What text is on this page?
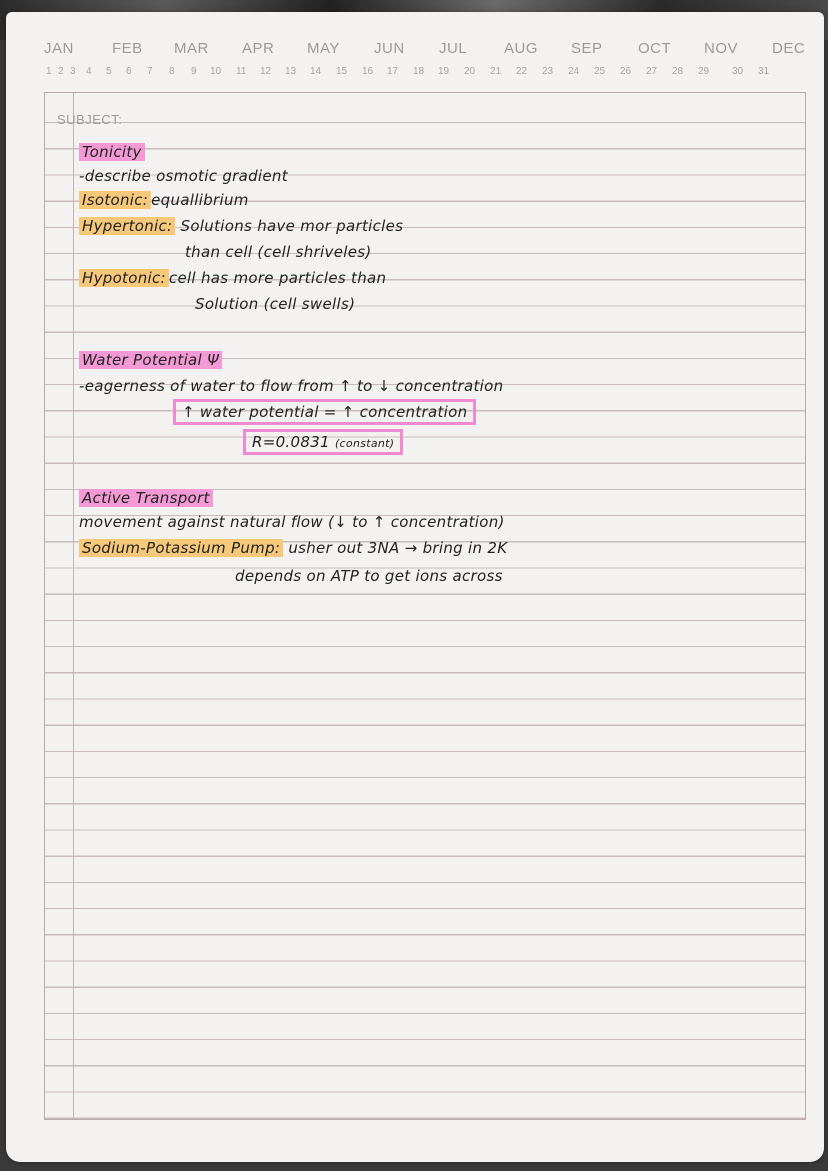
JAN	FEB MAR APR MAY JUN JUL AUG SEP OCT NOV DEC
1 2 3 4 5 6 7 8 9 10 11 12 13 14 15 16 17 18 19 20 21 22 23 24 25 26 27 28 29 30 31
SUBJECT:
Tonicity
-describe osmotic gradient
Isotonic: equallibrium
Hypertonic: Solutions have mor particles
than cell (cell shriveles)
Hypotonic: cell has more particles than
Solution (cell swells)
Water Potential Ψ
-eagerness of water to flow from ↑ to ↓ concentration
↑ water potential = ↑ concentration
R=0.0831 (constant)
Active Transport
movement against natural flow (↓ to ↑ concentration)
Sodium-Potassium Pump: usher out 3NA → bring in 2K
depends on ATP to get ions across
